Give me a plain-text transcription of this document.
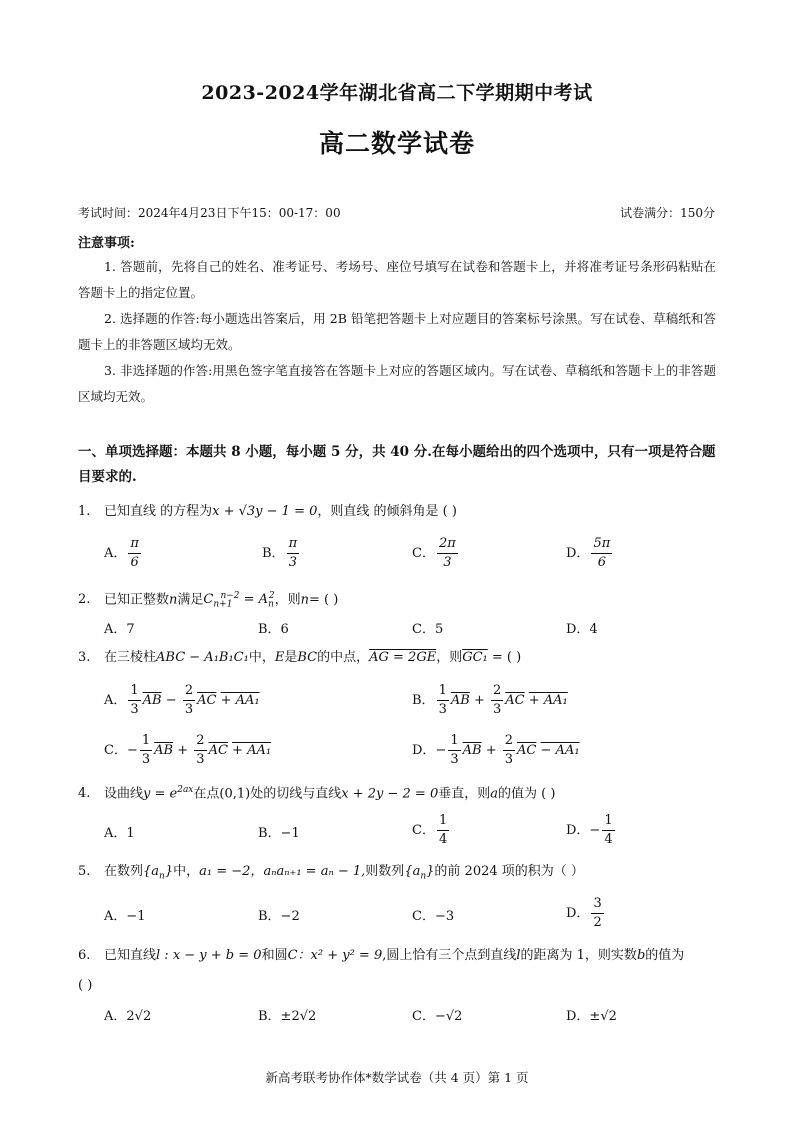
2023-2024学年湖北省高二下学期期中考试
高二数学试卷
考试时间：2024年4月23日下午15：00-17：00	试卷满分：150分
注意事项:
1. 答题前，先将自己的姓名、准考证号、考场号、座位号填写在试卷和答题卡上，并将准考证号条形码粘贴在答题卡上的指定位置。
2. 选择题的作答:每小题选出答案后，用 2B 铅笔把答题卡上对应题目的答案标号涂黑。写在试卷、草稿纸和答题卡上的非答题区域均无效。
3. 非选择题的作答:用黑色签字笔直接答在答题卡上对应的答题区域内。写在试卷、草稿纸和答题卡上的非答题区域均无效。
一、单项选择题：本题共 8 小题，每小题 5 分，共 40 分.在每小题给出的四个选项中，只有一项是符合题目要求的.
1. 已知直线 的方程为x + √3y − 1 = 0，则直线 的倾斜角是 ( )
A． $\frac{\pi}{6}$	B． $\frac{\pi}{3}$	C． $\frac{2\pi}{3}$	D． $\frac{5\pi}{6}$
2. 已知正整数n满足$C_{n+1}^{n-2} = A_n^2$，则n= ( )
A．7	B．6	C．5	D．4
3. 在三棱柱ABC − A₁B₁C₁中，E是BC的中点，AG = 2GE，则GC₁ = ( )
A． $\frac{1}{3} \overline{AB} - \frac{2}{3} \overline{AC} + AA_1$	B． $\frac{1}{3} \overline{AB} + \frac{2}{3} \overline{AC} + AA_1$
C．− $\frac{1}{3} \overline{AB} + \frac{2}{3} \overline{AC} + AA_1$	D．− $\frac{1}{3} \overline{AB} + \frac{2}{3} \overline{AC} - AA_1$
4. 设曲线$y = e^{2ax}$在点(0,1)处的切线与直线x + 2y − 2 = 0垂直，则a的值为 ( )
A．1	B．−1	C． $\frac{1}{4}$	D．− $\frac{1}{4}$
5. 在数列$\{a_n\}$中，a₁ = −2，aₙaₙ₊₁ = aₙ − 1,则数列$\{a_n\}$的前 2024 项的积为（ ）
A．−1	B．−2	C．−3	D． $\frac{3}{2}$
6. 已知直线l : x − y + b = 0和圆C：x² + y² = 9,圆上恰有三个点到直线l的距离为 1，则实数b的值为
( )
A．2√2	B．±2√2	C．−√2	D．±√2
新高考联考协作体*数学试卷（共 4 页）第 1 页
